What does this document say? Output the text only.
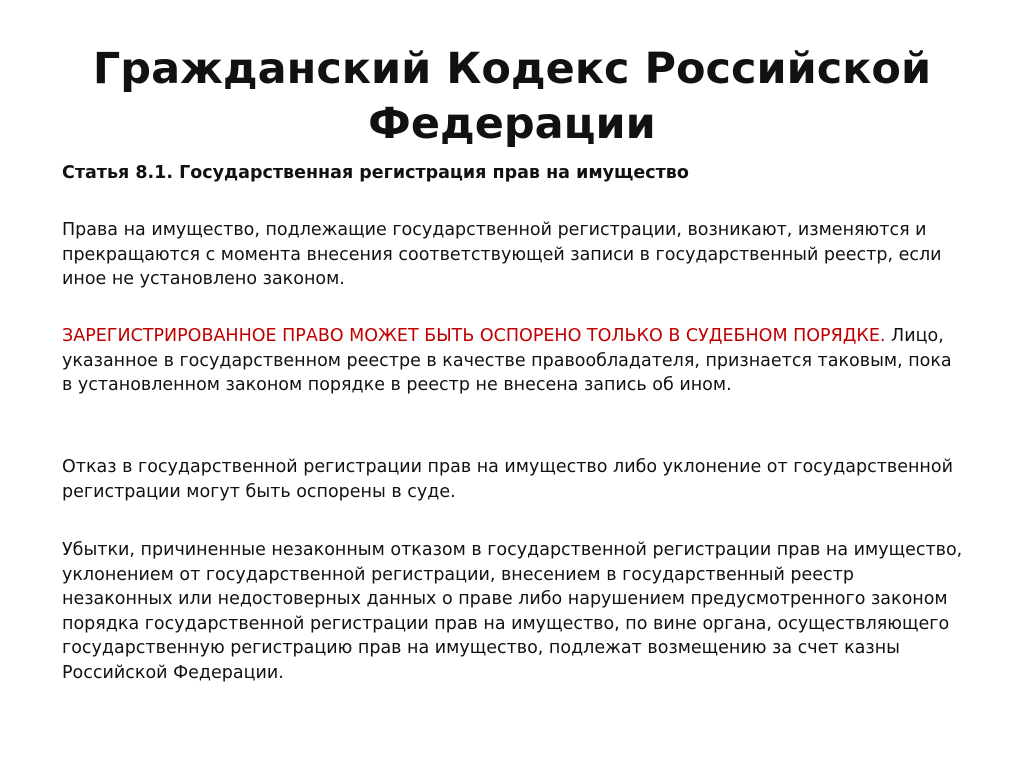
Гражданский Кодекс Российской Федерации

Статья 8.1. Государственная регистрация прав на имущество

Права на имущество, подлежащие государственной регистрации, возникают, изменяются и прекращаются с момента внесения соответствующей записи в государственный реестр, если иное не установлено законом.

ЗАРЕГИСТРИРОВАННОЕ ПРАВО МОЖЕТ БЫТЬ ОСПОРЕНО ТОЛЬКО В СУДЕБНОМ ПОРЯДКЕ. Лицо, указанное в государственном реестре в качестве правообладателя, признается таковым, пока в установленном законом порядке в реестр не внесена запись об ином.

Отказ в государственной регистрации прав на имущество либо уклонение от государственной регистрации могут быть оспорены в суде.

Убытки, причиненные незаконным отказом в государственной регистрации прав на имущество, уклонением от государственной регистрации, внесением в государственный реестр незаконных или недостоверных данных о праве либо нарушением предусмотренного законом порядка государственной регистрации прав на имущество, по вине органа, осуществляющего государственную регистрацию прав на имущество, подлежат возмещению за счет казны Российской Федерации.
